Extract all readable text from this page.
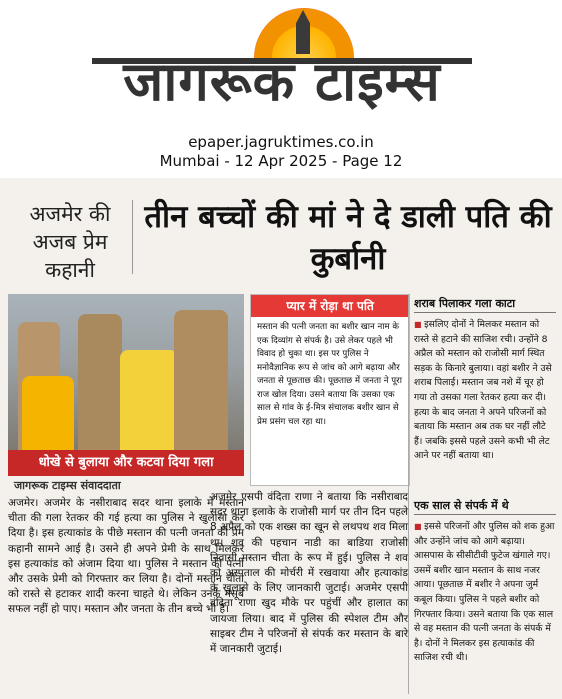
जागरूक टाइम्स
epaper.jagruktimes.co.in
Mumbai - 12 Apr 2025 - Page 12
अजमेर की
अजब प्रेम
कहानी
तीन बच्चों की मां ने दे डाली पति की कुर्बानी
धोखे से बुलाया और कटवा दिया गला
प्यार में रोड़ा था पति
मस्तान की पत्नी जनता का बशीर खान नाम के एक दिव्यांग से संपर्क है। उसे लेकर पहले भी विवाद हो चुका था। इस पर पुलिस ने मनोवैज्ञानिक रूप से जांच को आगे बढ़ाया और जनता से पूछताछ की। पूछताछ में जनता ने पूरा राज खोल दिया। उसने बताया कि उसका एक साल से गांव के ई-मित्र संचालक बशीर खान से प्रेम प्रसंग चल रहा था।
शराब पिलाकर गला काटा
■ इसलिए दोनों ने मिलकर मस्तान को रास्ते से हटाने की साजिश रची। उन्होंने 8 अप्रैल को मस्तान को राजोसी मार्ग स्थित सड़क के किनारे बुलाया। वहां बशीर ने उसे शराब पिलाई। मस्तान जब नशे में चूर हो गया तो उसका गला रेतकर हत्या कर दी। हत्या के बाद जनता ने अपने परिजनों को बताया कि मस्तान अब तक घर नहीं लौटे हैं। जबकि इससे पहले उसने कभी भी लेट आने पर नहीं बताया था।
एक साल से संपर्क में थे
■ इससे परिजनों और पुलिस को शक हुआ और उन्होंने जांच को आगे बढ़ाया। आसपास के सीसीटीवी फुटेज खंगाले गए। उसमें बशीर खान मस्तान के साथ नजर आया। पूछताछ में बशीर ने अपना जुर्म कबूल किया। पुलिस ने पहले बशीर को गिरफ्तार किया। उसने बताया कि एक साल से वह मस्तान की पत्नी जनता के संपर्क में है। दोनों ने मिलकर इस हत्याकांड की साजिश रची थी।
जागरूक टाइम्स संवाददाता
अजमेर। अजमेर के नसीराबाद सदर थाना इलाके में मस्तान चीता की गला रेतकर की गई हत्या का पुलिस ने खुलासा कर दिया है। इस हत्याकांड के पीछे मस्तान की पत्नी जनता की प्रेम कहानी सामने आई है। उसने ही अपने प्रेमी के साथ मिलकर इस हत्याकांड को अंजाम दिया था। पुलिस ने मस्तान की पत्नी और उसके प्रेमी को गिरफ्तार कर लिया है। दोनों मस्तान चीता को रास्ते से हटाकर शादी करना चाहते थे। लेकिन उनके मंसूबे सफल नहीं हो पाए। मस्तान और जनता के तीन बच्चे भी हैं।
अजमेर एसपी वंदिता राणा ने बताया कि नसीराबाद सदर थाना इलाके के राजोसी मार्ग पर तीन दिन पहले 8 अप्रैल को एक शख्स का खून से लथपथ शव मिला था। शव की पहचान नाडी का बाडिया राजोसी निवासी मस्तान चीता के रूप में हुई। पुलिस ने शव को अस्पताल की मोर्चरी में रखवाया और हत्याकांड के खुलासे के लिए जानकारी जुटाई। अजमेर एसपी वंदिता राणा खुद मौके पर पहुंचीं और हालात का जायजा लिया। बाद में पुलिस की स्पेशल टीम और साइबर टीम ने परिजनों से संपर्क कर मस्तान के बारे में जानकारी जुटाई।
